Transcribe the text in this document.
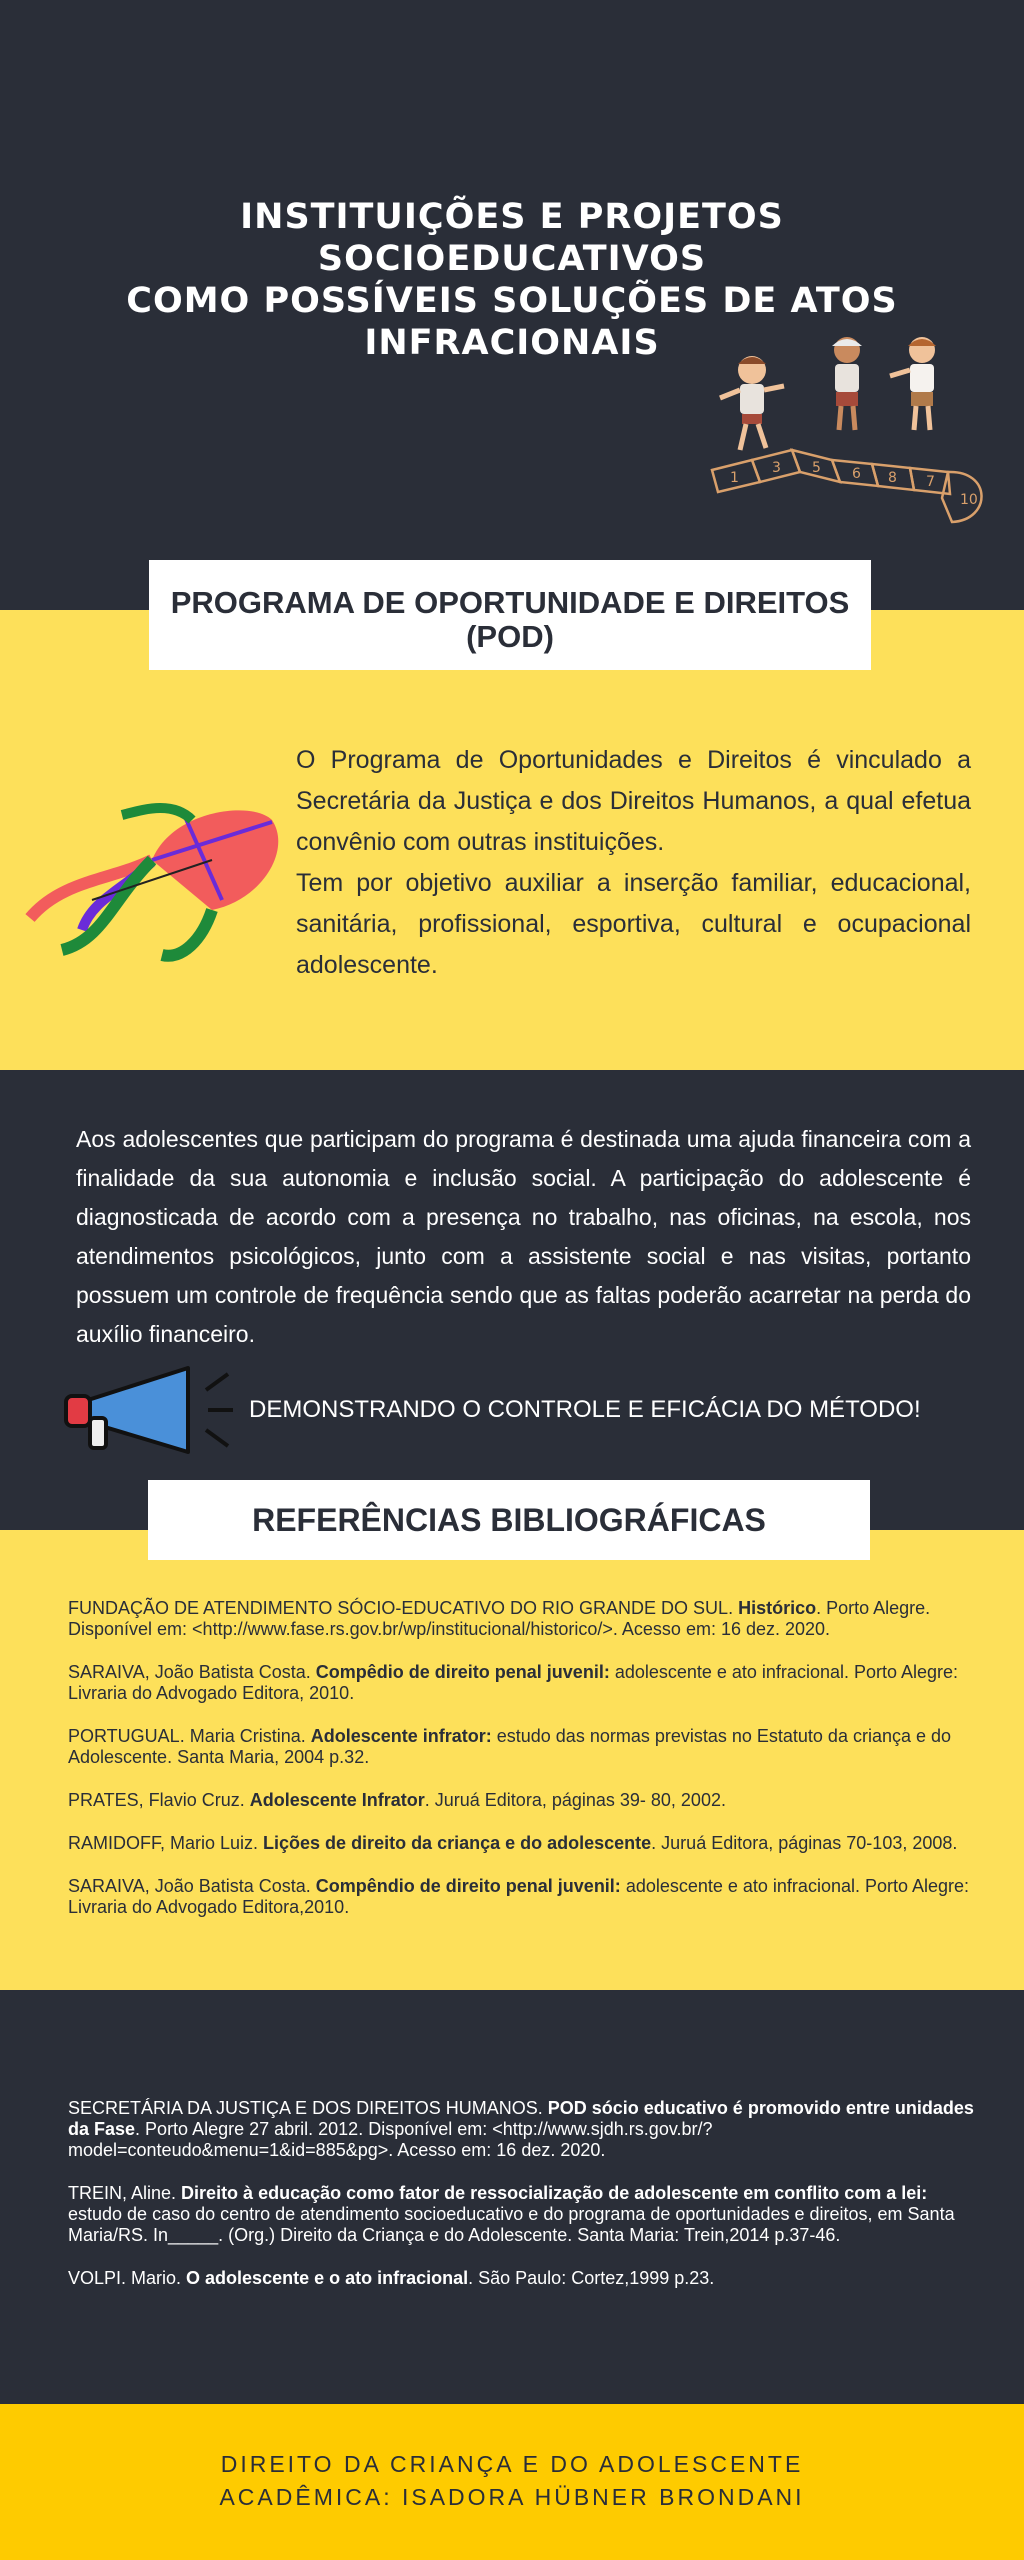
INSTITUIÇÕES E PROJETOS
SOCIOEDUCATIVOS
COMO POSSÍVEIS SOLUÇÕES DE ATOS
INFRACIONAIS
1
3 5 6 8 7
10
PROGRAMA DE OPORTUNIDADE E DIREITOS
(POD)

O Programa de Oportunidades e Direitos é vinculado a Secretária da Justiça e dos Direitos Humanos, a qual efetua convênio com outras instituições.

Tem por objetivo auxiliar a inserção familiar, educacional, sanitária, profissional, esportiva, cultural e ocupacional adolescente.

Aos adolescentes que participam do programa é destinada uma ajuda financeira com a finalidade da sua autonomia e inclusão social. A participação do adolescente é diagnosticada de acordo com a presença no trabalho, nas oficinas, na escola, nos atendimentos psicológicos, junto com a assistente social e nas visitas, portanto possuem um controle de frequência sendo que as faltas poderão acarretar na perda do auxílio financeiro.

DEMONSTRANDO O CONTROLE E EFICÁCIA DO MÉTODO!
REFERÊNCIAS BIBLIOGRÁFICAS

FUNDAÇÃO DE ATENDIMENTO SÓCIO-EDUCATIVO DO RIO GRANDE DO SUL. Histórico. Porto Alegre. Disponível em: <http://www.fase.rs.gov.br/wp/institucional/historico/>. Acesso em: 16 dez. 2020.

SARAIVA, João Batista Costa. Compêdio de direito penal juvenil: adolescente e ato infracional. Porto Alegre: Livraria do Advogado Editora, 2010.

PORTUGUAL. Maria Cristina. Adolescente infrator: estudo das normas previstas no Estatuto da criança e do Adolescente. Santa Maria, 2004 p.32.

PRATES, Flavio Cruz. Adolescente Infrator. Juruá Editora, páginas 39- 80, 2002.

RAMIDOFF, Mario Luiz. Lições de direito da criança e do adolescente. Juruá Editora, páginas 70-103, 2008.

SARAIVA, João Batista Costa. Compêndio de direito penal juvenil: adolescente e ato infracional. Porto Alegre: Livraria do Advogado Editora,2010.

SECRETÁRIA DA JUSTIÇA E DOS DIREITOS HUMANOS. POD sócio educativo é promovido entre unidades da Fase. Porto Alegre 27 abril. 2012. Disponível em: <http://www.sjdh.rs.gov.br/?model=conteudo&menu=1&id=885&pg>. Acesso em: 16 dez. 2020.

TREIN, Aline. Direito à educação como fator de ressocialização de adolescente em conflito com a lei: estudo de caso do centro de atendimento socioeducativo e do programa de oportunidades e direitos, em Santa Maria/RS. In_____. (Org.) Direito da Criança e do Adolescente. Santa Maria: Trein,2014 p.37-46.

VOLPI. Mario. O adolescente e o ato infracional. São Paulo: Cortez,1999 p.23.

DIREITO DA CRIANÇA E DO ADOLESCENTE
ACADÊMICA: ISADORA HÜBNER BRONDANI
